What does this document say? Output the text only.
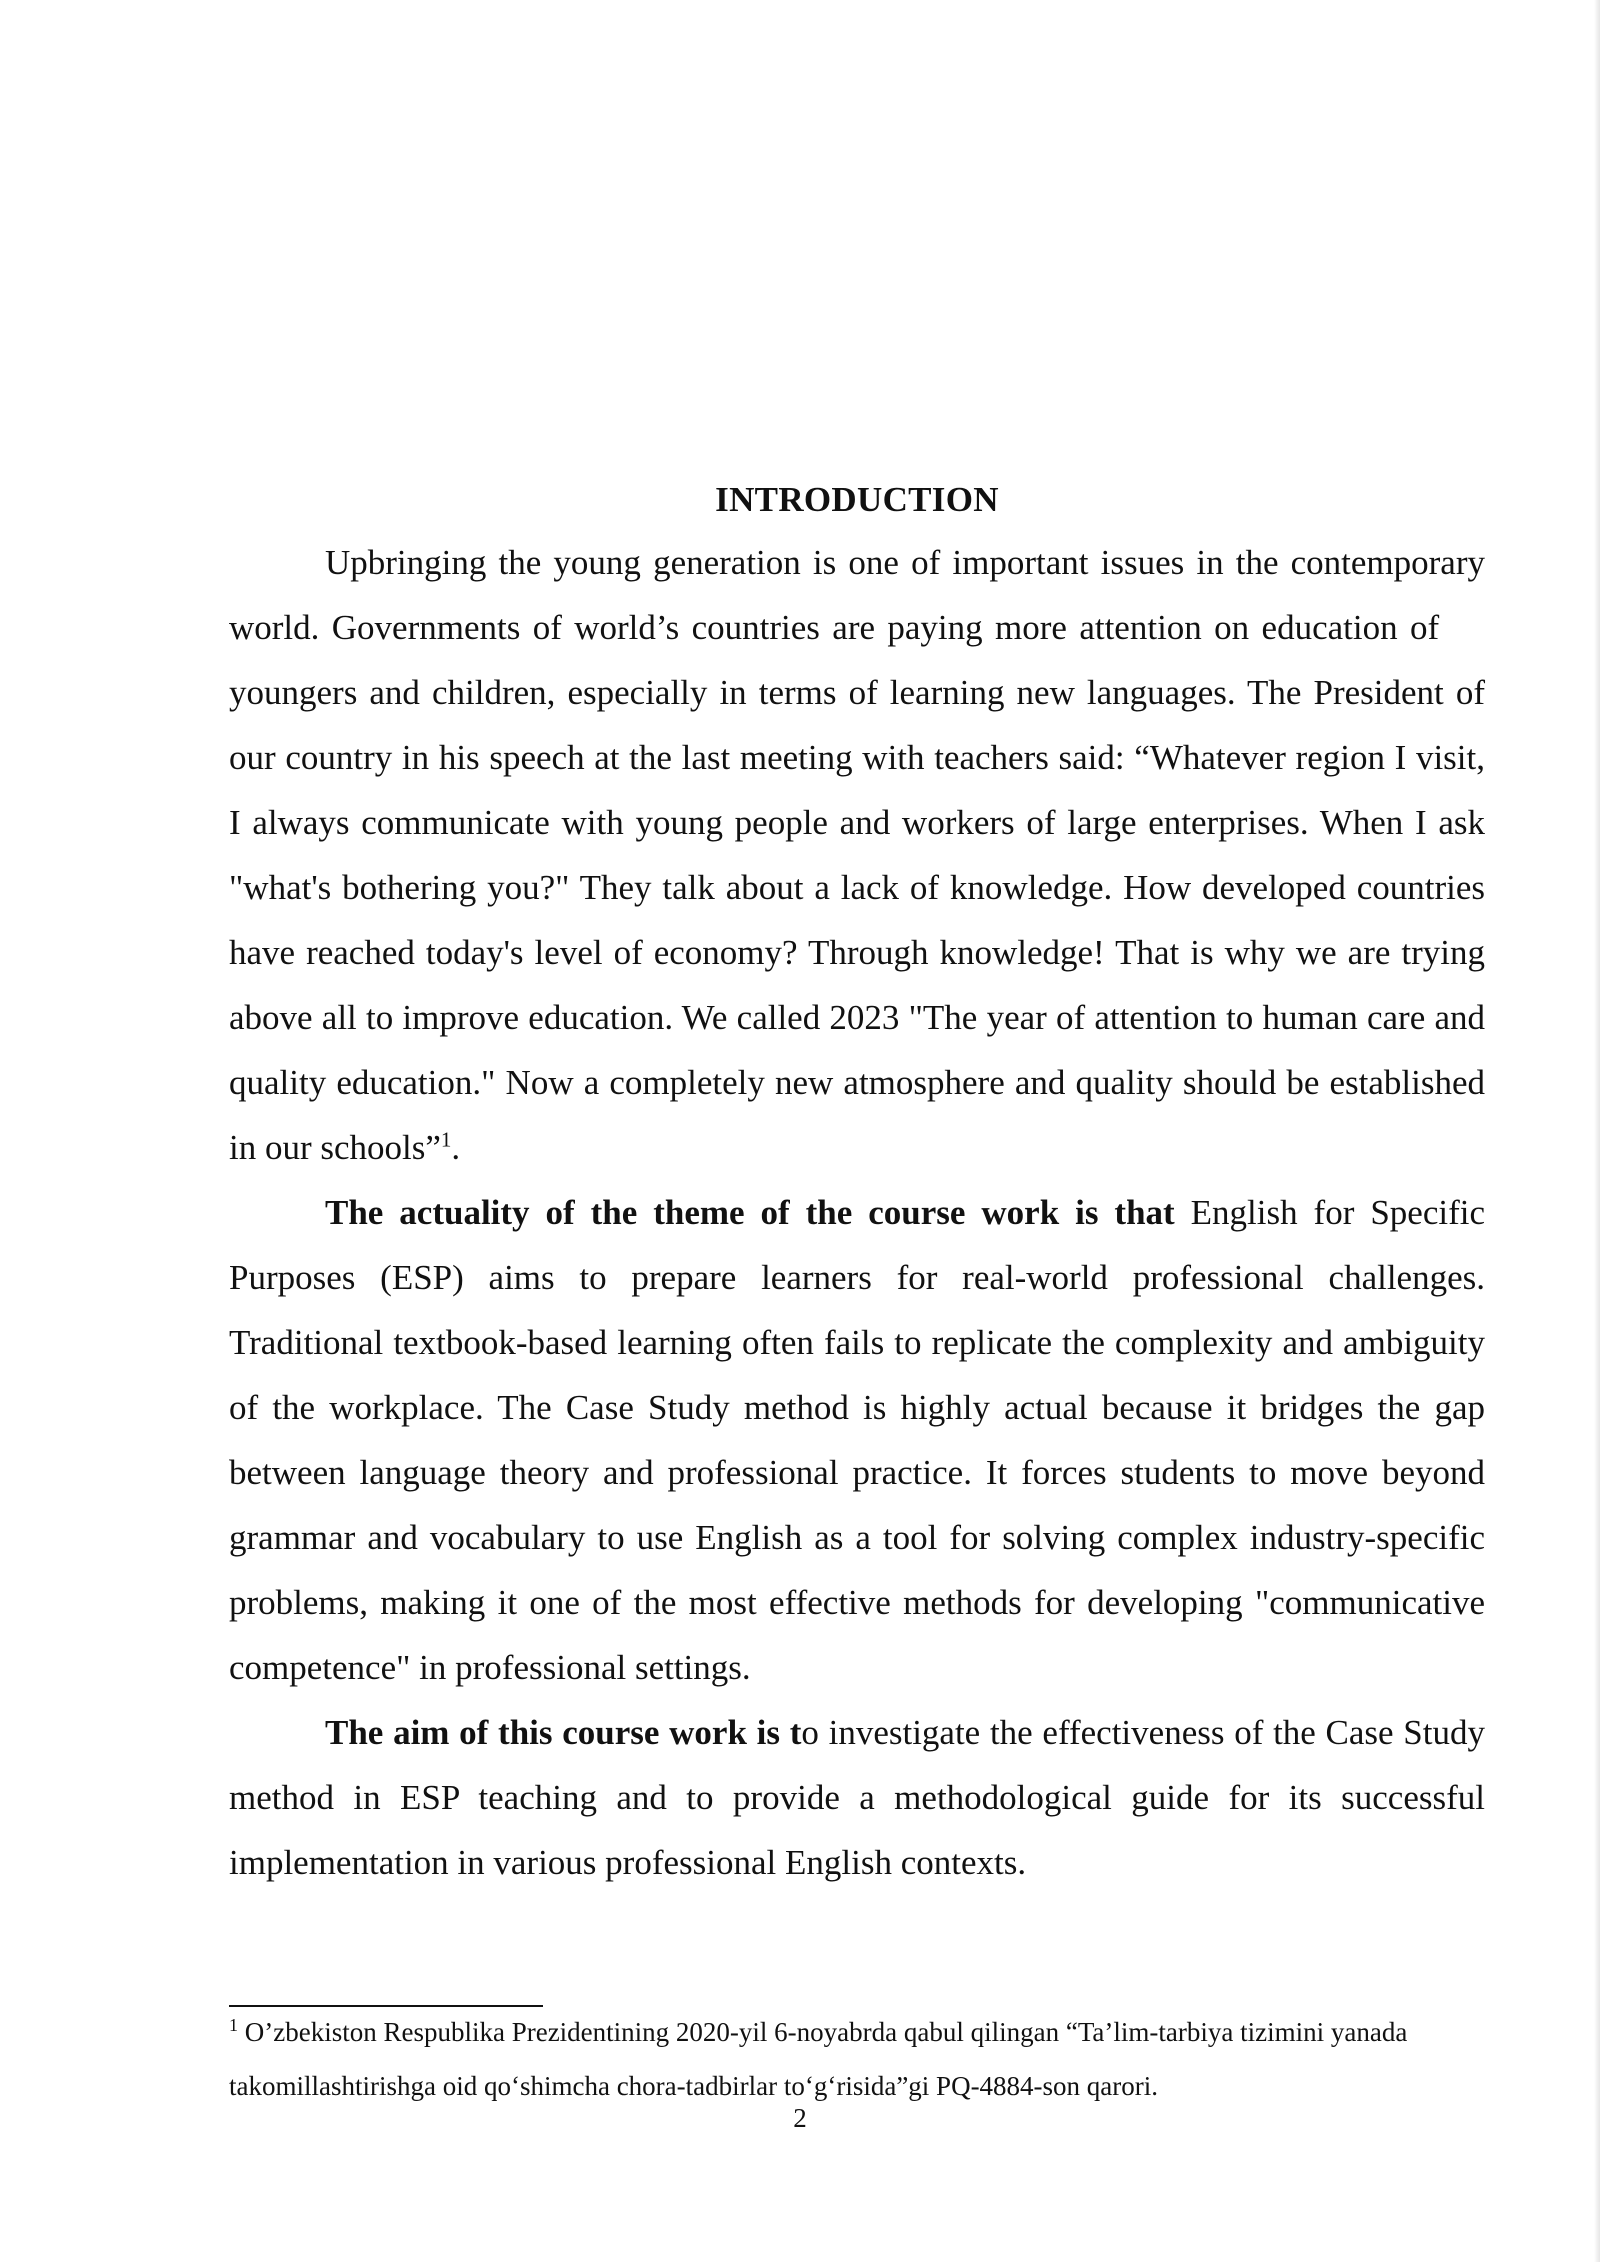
INTRODUCTION

Upbringing the young generation is one of important issues in the contemporary world. Governments of world’s countries are paying more attention on education of     youngers and children, especially in terms of learning new languages. The President of our country in his speech at the last meeting with teachers said: “Whatever region I visit, I always communicate with young people and workers of large enterprises. When I ask "what's bothering you?" They talk about a lack of knowledge. How developed countries have reached today's level of economy? Through knowledge! That is why we are trying above all to improve education. We called 2023 "The year of attention to human care and quality education." Now a completely new atmosphere and quality should be established in our schools”$^1$.

The actuality of the theme of the course work is that English for Specific Purposes (ESP) aims to prepare learners for real-world professional challenges. Traditional textbook-based learning often fails to replicate the complexity and ambiguity of the workplace. The Case Study method is highly actual because it bridges the gap between language theory and professional practice. It forces students to move beyond grammar and vocabulary to use English as a tool for solving complex industry-specific problems, making it one of the most effective methods for developing "communicative competence" in professional settings.

The aim of this course work is to investigate the effectiveness of the Case Study method in ESP teaching and to provide a methodological guide for its successful implementation in various professional English contexts.

$^1$ O’zbekiston Respublika Prezidentining 2020-yil 6-noyabrda qabul qilingan “Ta’lim-tarbiya tizimini yanada takomillashtirishga oid qo‘shimcha chora-tadbirlar to‘g‘risida”gi PQ-4884-son qarori.

2
